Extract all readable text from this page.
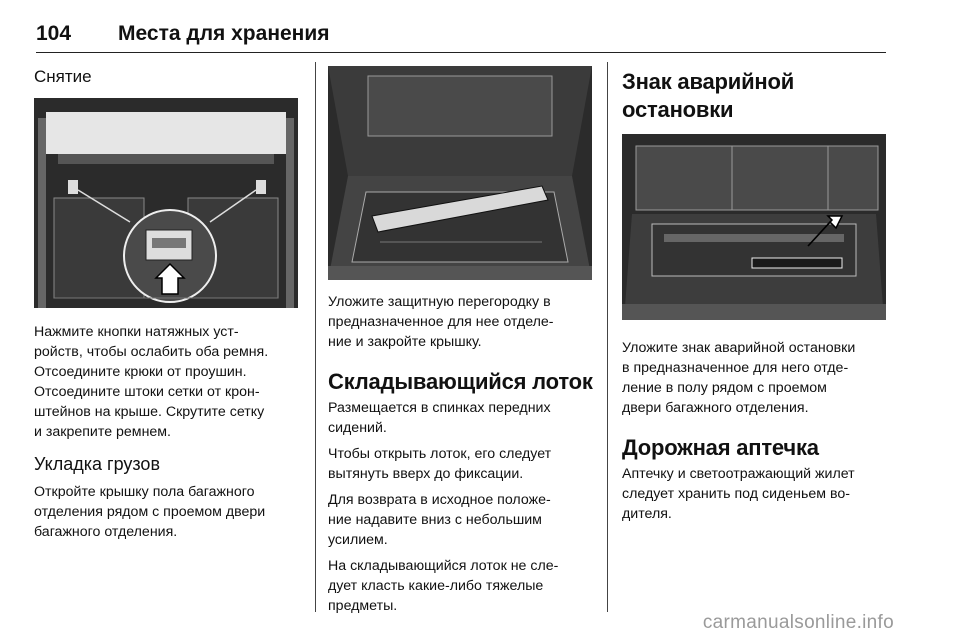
104 Места для хранения
Снятие

Нажмите кнопки натяжных уст-
ройств, чтобы ослабить оба ремня.
Отсоедините крюки от проушин.
Отсоедините штоки сетки от крон-
штейнов на крыше. Скрутите сетку
и закрепите ремнем.

Укладка грузов

Откройте крышку пола багажного
отделения рядом с проемом двери
багажного отделения.

Уложите защитную перегородку в
предназначенное для нее отделе-
ние и закройте крышку.

Складывающийся лоток

Размещается в спинках передних
сидений.

Чтобы открыть лоток, его следует
вытянуть вверх до фиксации.

Для возврата в исходное положе-
ние надавите вниз с небольшим
усилием.

На складывающийся лоток не сле-
дует класть какие-либо тяжелые
предметы.

Знак аварийной остановки

Уложите знак аварийной остановки
в предназначенное для него отде-
ление в полу рядом с проемом
двери багажного отделения.

Дорожная аптечка

Аптечку и светоотражающий жилет
следует хранить под сиденьем во-
дителя.

carmanualsonline.info
